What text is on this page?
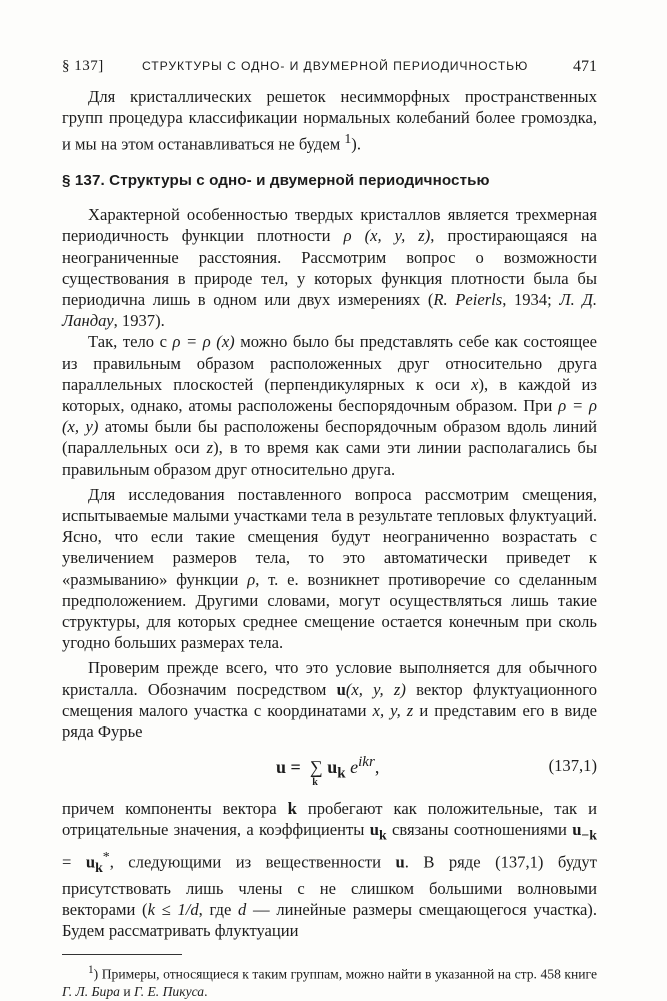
§ 137]	СТРУКТУРЫ С ОДНО- И ДВУМЕРНОЙ ПЕРИОДИЧНОСТЬЮ	471

Для кристаллических решеток несимморфных пространственных групп процедура классификации нормальных колебаний более громоздка, и мы на этом останавливаться не будем $^1$).

§ 137. Структуры с одно- и двумерной периодичностью

Характерной особенностью твердых кристаллов является трехмерная периодичность функции плотности ρ (x, y, z), простирающаяся на неограниченные расстояния. Рассмотрим вопрос о возможности существования в природе тел, у которых функция плотности была бы периодична лишь в одном или двух измерениях (R. Peierls, 1934; Л. Д. Ландау, 1937).

Так, тело с ρ = ρ (x) можно было бы представлять себе как состоящее из правильным образом расположенных друг относительно друга параллельных плоскостей (перпендикулярных к оси x), в каждой из которых, однако, атомы расположены беспорядочным образом. При ρ = ρ (x, y) атомы были бы расположены беспорядочным образом вдоль линий (параллельных оси z), в то время как сами эти линии располагались бы правильным образом друг относительно друга.

Для исследования поставленного вопроса рассмотрим смещения, испытываемые малыми участками тела в результате тепловых флуктуаций. Ясно, что если такие смещения будут неограниченно возрастать с увеличением размеров тела, то это автоматически приведет к «размыванию» функции ρ, т. е. возникнет противоречие со сделанным предположением. Другими словами, могут осуществляться лишь такие структуры, для которых среднее смещение остается конечным при сколь угодно больших размерах тела.

Проверим прежде всего, что это условие выполняется для обычного кристалла. Обозначим посредством u(x, y, z) вектор флуктуационного смещения малого участка с координатами x, y, z и представим его в виде ряда Фурье

u = ∑
k
$u_k$ $e^{ikr}$,	(137,1)

причем компоненты вектора k пробегают как положительные, так и отрицательные значения, а коэффициенты $u_k$ связаны соотношениями $u_{-k} = u_k^*$, следующими из вещественности u. В ряде (137,1) будут присутствовать лишь члены с не слишком большими волновыми векторами (k ≤ 1/d, где d — линейные размеры смещающегося участка). Будем рассматривать флуктуации

$^1$) Примеры, относящиеся к таким группам, можно найти в указанной на стр. 458 книге Г. Л. Бира и Г. Е. Пикуса.
